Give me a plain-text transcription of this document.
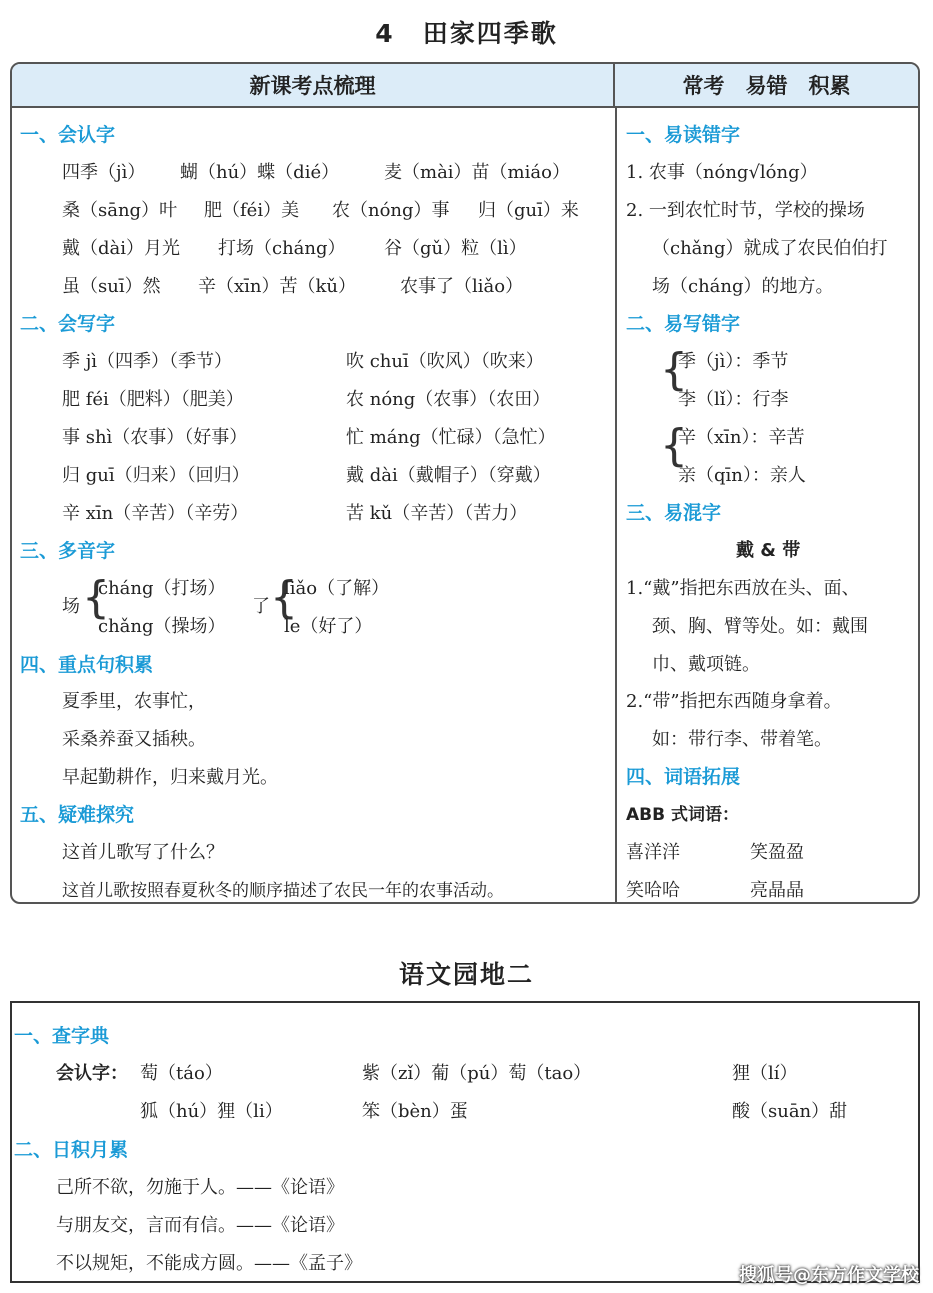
4 田家四季歌
新课考点梳理	常考　易错　积累
一、会认字
四季（jì） 蝴（hú）蝶（dié） 麦（mài）苗（miáo）
桑（sāng）叶 肥（féi）美 农（nóng）事 归（guī）来
戴（dài）月光 打场（cháng） 谷（gǔ）粒（lì）
虽（suī）然 辛（xīn）苦（kǔ） 农事了（liǎo）
二、会写字
季 jì（四季）（季节）	吹 chuī（吹风）（吹来）
肥 féi（肥料）（肥美）	农 nóng（农事）（农田）
事 shì（农事）（好事）	忙 máng（忙碌）（急忙）
归 guī（归来）（回归）	戴 dài（戴帽子）（穿戴）
辛 xīn（辛苦）（辛劳）	苦 kǔ（辛苦）（苦力）
三、多音字
场 {
cháng（打场）
chǎng（操场）
了 {
liǎo（了解）
le（好了）
四、重点句积累
夏季里，农事忙，
采桑养蚕又插秧。
早起勤耕作，归来戴月光。
五、疑难探究
这首儿歌写了什么？
这首儿歌按照春夏秋冬的顺序描述了农民一年的农事活动。
一、易读错字
1. 农事（nóng√lóng）
2. 一到农忙时节，学校的操场
（chǎng）就成了农民伯伯打
场（cháng）的地方。
二、易写错字
{
季（jì）：季节
李（lǐ）：行李
{
辛（xīn）：辛苦
亲（qīn）：亲人
三、易混字
戴 & 带
1.“戴”指把东西放在头、面、
颈、胸、臂等处。如：戴围
巾、戴项链。
2.“带”指把东西随身拿着。
如：带行李、带着笔。
四、词语拓展
ABB 式词语：
喜洋洋	笑盈盈
笑哈哈	亮晶晶
语文园地二
一、查字典
会认字： 萄（táo）	紫（zǐ）葡（pú）萄（tao）	狸（lí）
狐（hú）狸（li）	笨（bèn）蛋	酸（suān）甜
二、日积月累
己所不欲，勿施于人。——《论语》
与朋友交，言而有信。——《论语》
不以规矩，不能成方圆。——《孟子》
搜狐号@东方作文学校
